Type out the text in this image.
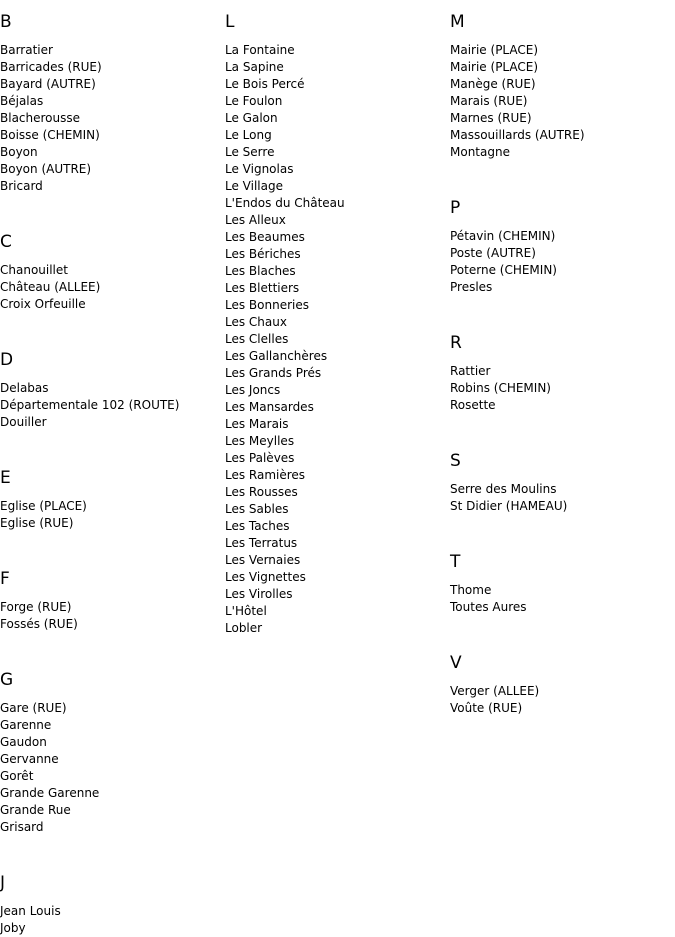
B
Barratier
Barricades (RUE)
Bayard (AUTRE)
Béjalas
Blacherousse
Boisse (CHEMIN)
Boyon
Boyon (AUTRE)
Bricard
C
Chanouillet
Château (ALLEE)
Croix Orfeuille
D
Delabas
Départementale 102 (ROUTE)
Douiller
E
Eglise (PLACE)
Eglise (RUE)
F
Forge (RUE)
Fossés (RUE)
G
Gare (RUE)
Garenne
Gaudon
Gervanne
Gorêt
Grande Garenne
Grande Rue
Grisard
J
Jean Louis
Joby
L
La Fontaine
La Sapine
Le Bois Percé
Le Foulon
Le Galon
Le Long
Le Serre
Le Vignolas
Le Village
L'Endos du Château
Les Alleux
Les Beaumes
Les Bériches
Les Blaches
Les Blettiers
Les Bonneries
Les Chaux
Les Clelles
Les Gallanchères
Les Grands Prés
Les Joncs
Les Mansardes
Les Marais
Les Meylles
Les Palèves
Les Ramières
Les Rousses
Les Sables
Les Taches
Les Terratus
Les Vernaies
Les Vignettes
Les Virolles
L'Hôtel
Lobler
M
Mairie (PLACE)
Mairie (PLACE)
Manège (RUE)
Marais (RUE)
Marnes (RUE)
Massouillards (AUTRE)
Montagne
P
Pétavin (CHEMIN)
Poste (AUTRE)
Poterne (CHEMIN)
Presles
R
Rattier
Robins (CHEMIN)
Rosette
S
Serre des Moulins
St Didier (HAMEAU)
T
Thome
Toutes Aures
V
Verger (ALLEE)
Voûte (RUE)
